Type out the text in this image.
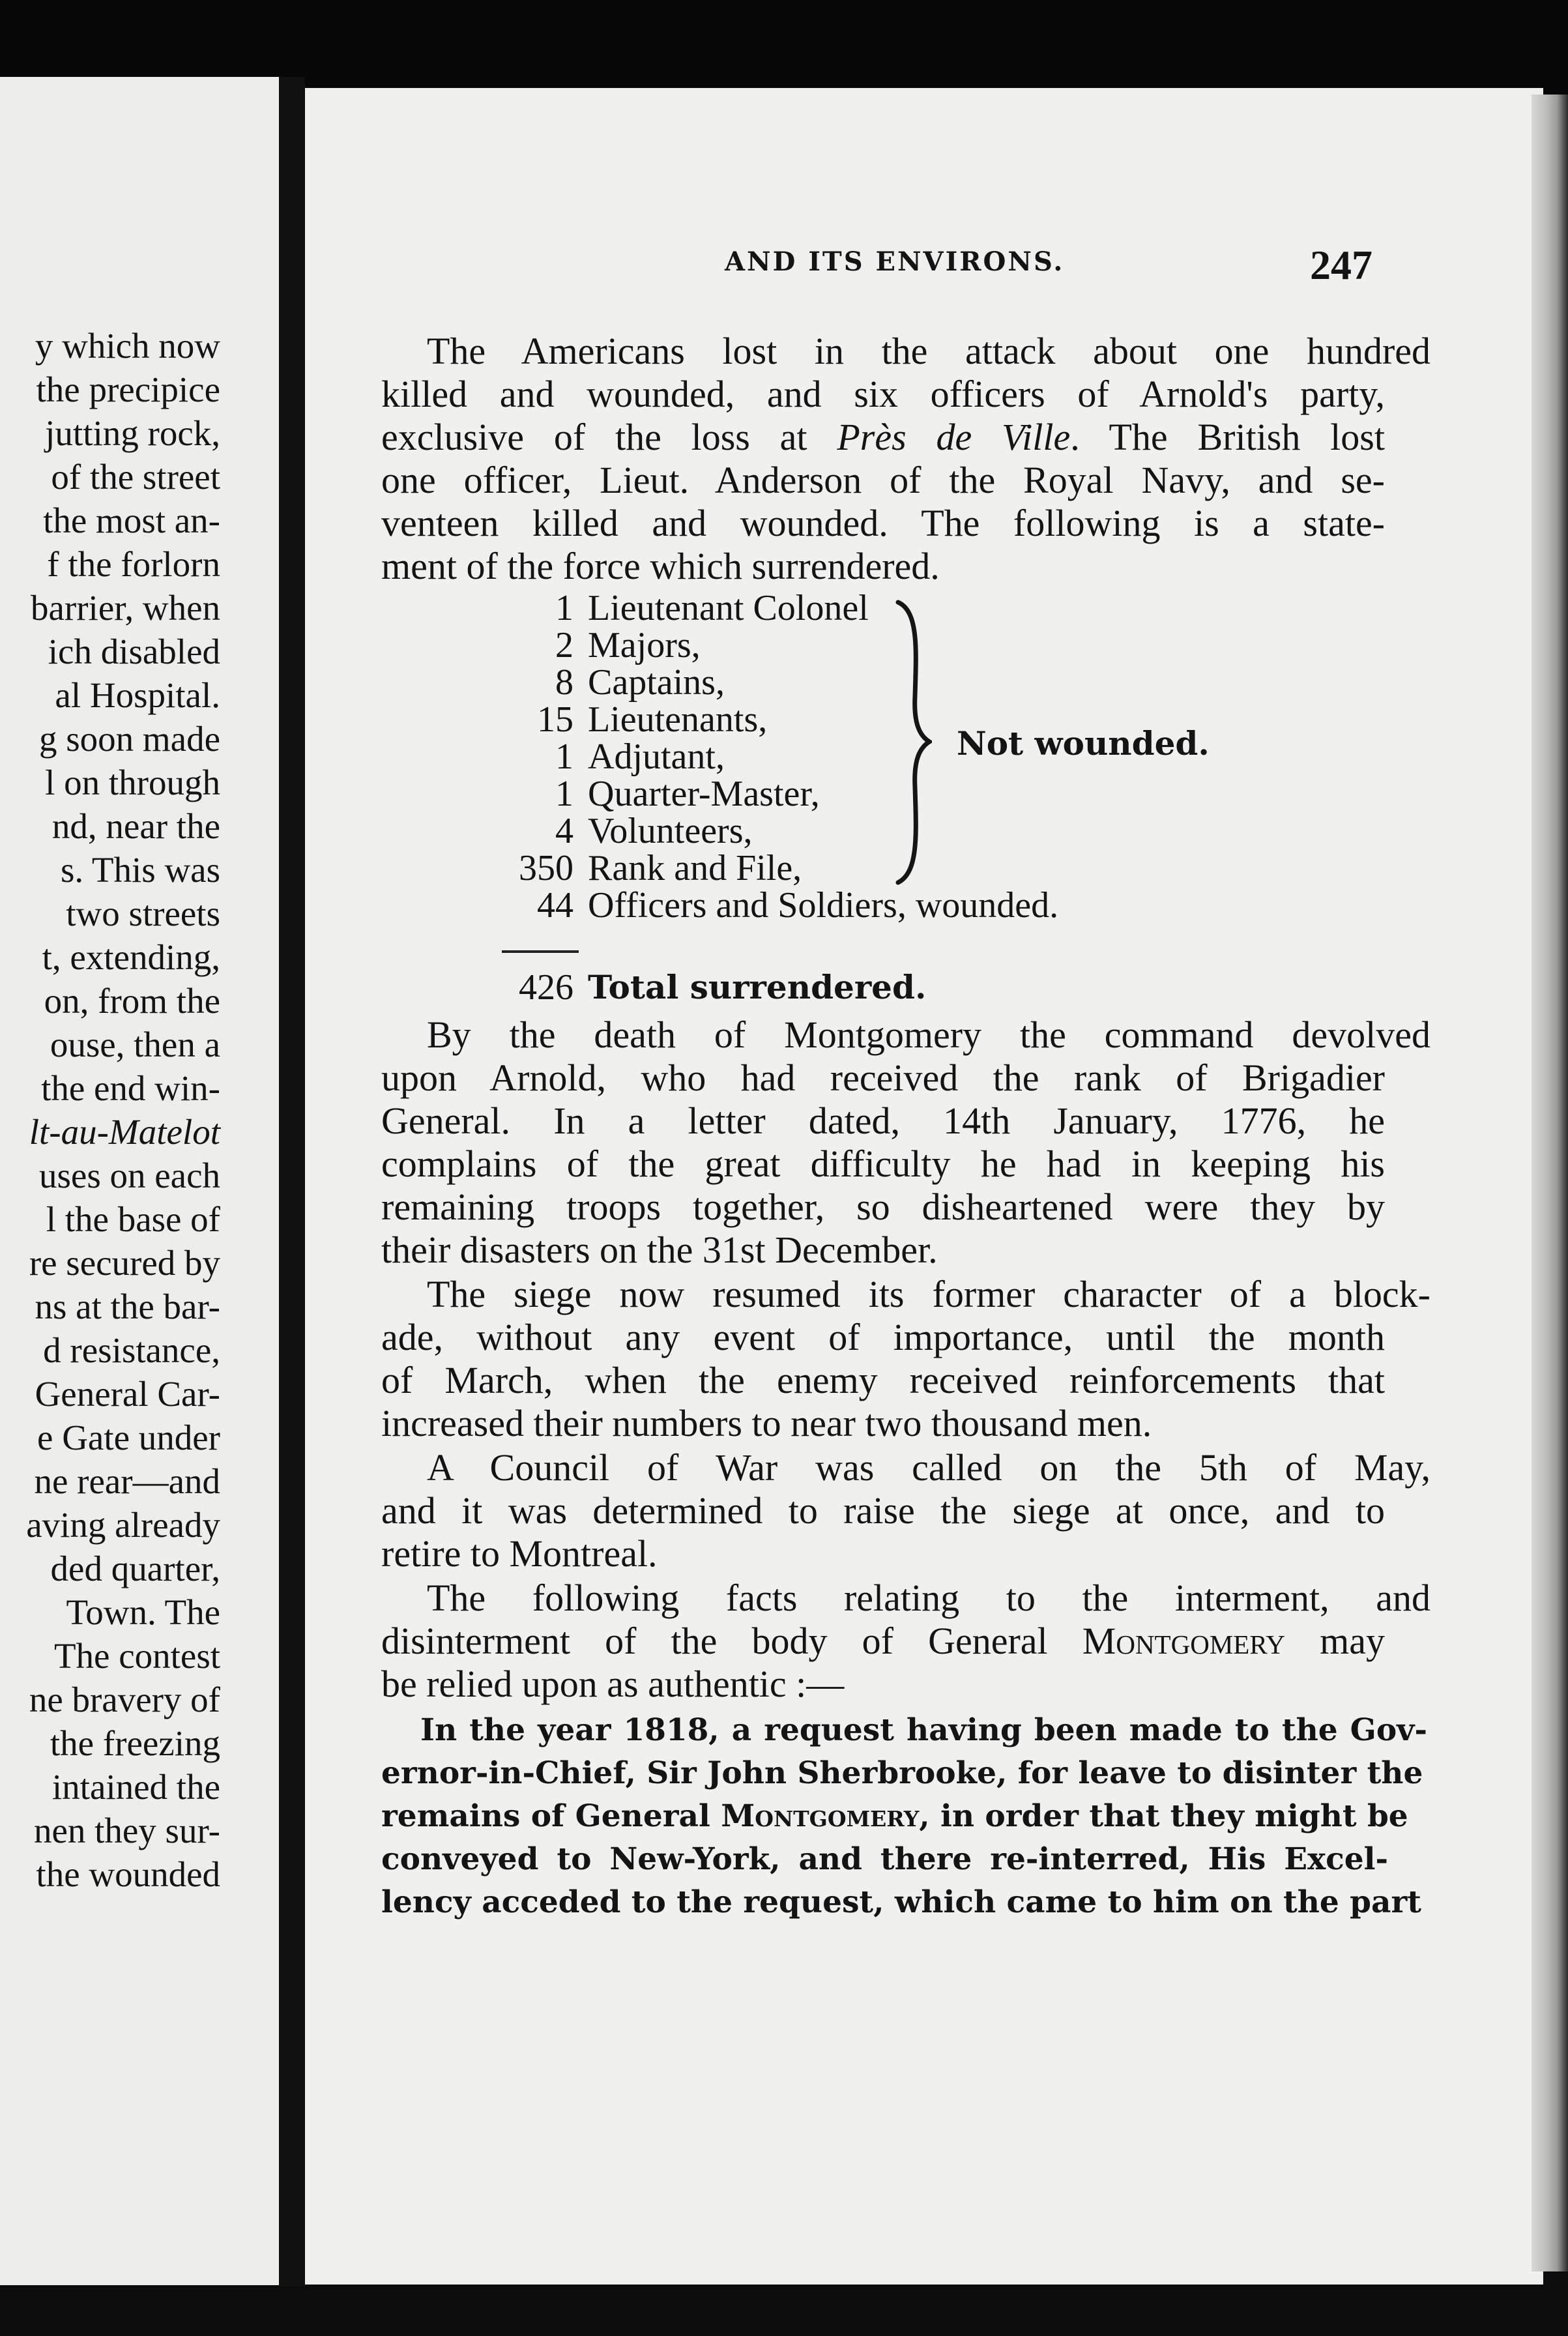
y which now
the precipice
jutting rock,
of the street
the most an-
f the forlorn
barrier, when
ich disabled
al Hospital.
g soon made
l on through
nd, near the
s. This was
two streets
t, extending,
on, from the
ouse, then a
the end win-
lt-au-Matelot
uses on each
l the base of
re secured by
ns at the bar-
d resistance,
General Car-
e Gate under
ne rear—and
aving already
ded quarter,
Town. The
The contest
ne bravery of
the freezing
intained the
nen they sur-
the wounded
AND ITS ENVIRONS.	247
The Americans lost in the attack about one hundred
killed and wounded, and six officers of Arnold's party,
exclusive of the loss at Près de Ville. The British lost
one officer, Lieut. Anderson of the Royal Navy, and se-
venteen killed and wounded. The following is a state-
ment of the force which surrendered.
1 Lieutenant Colonel
2 Majors,
8 Captains,
15 Lieutenants,
1 Adjutant,
1 Quarter-Master,
4 Volunteers,
350 Rank and File,
44 Officers and Soldiers, wounded.
Not wounded.
426 Total surrendered.
By the death of Montgomery the command devolved
upon Arnold, who had received the rank of Brigadier
General. In a letter dated, 14th January, 1776, he
complains of the great difficulty he had in keeping his
remaining troops together, so disheartened were they by
their disasters on the 31st December.
The siege now resumed its former character of a block-
ade, without any event of importance, until the month
of March, when the enemy received reinforcements that
increased their numbers to near two thousand men.
A Council of War was called on the 5th of May,
and it was determined to raise the siege at once, and to
retire to Montreal.
The following facts relating to the interment, and
disinterment of the body of General Montgomery may
be relied upon as authentic :—
In the year 1818, a request having been made to the Gov-
ernor-in-Chief, Sir John Sherbrooke, for leave to disinter the
remains of General Montgomery, in order that they might be
conveyed to New-York, and there re-interred, His Excel-
lency acceded to the request, which came to him on the part
